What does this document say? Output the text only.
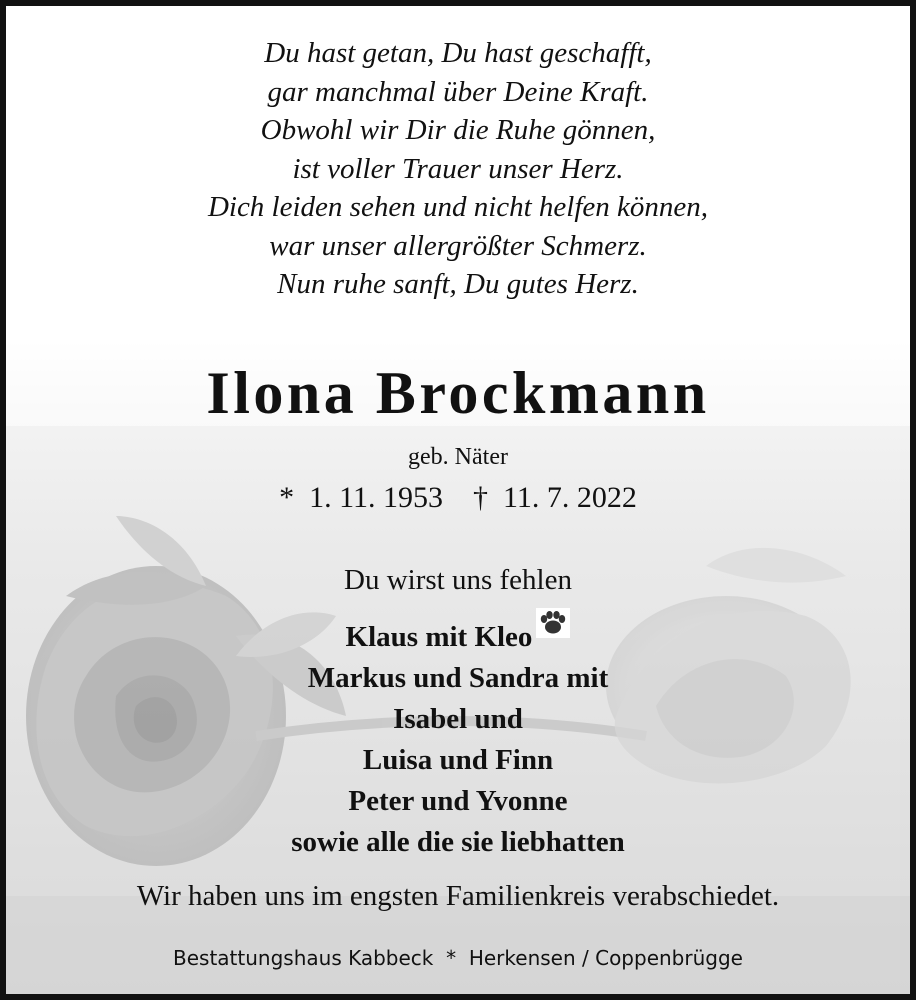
Du hast getan, Du hast geschafft,
gar manchmal über Deine Kraft.
Obwohl wir Dir die Ruhe gönnen,
ist voller Trauer unser Herz.
Dich leiden sehen und nicht helfen können,
war unser allergrößter Schmerz.
Nun ruhe sanft, Du gutes Herz.
Ilona Brockmann
geb. Näter
* 1. 11. 1953 † 11. 7. 2022
Du wirst uns fehlen
Klaus mit Kleo
Markus und Sandra mit
Isabel und
Luisa und Finn
Peter und Yvonne
sowie alle die sie liebhatten
Wir haben uns im engsten Familienkreis verabschiedet.
Bestattungshaus Kabbeck * Herkensen / Coppenbrügge
